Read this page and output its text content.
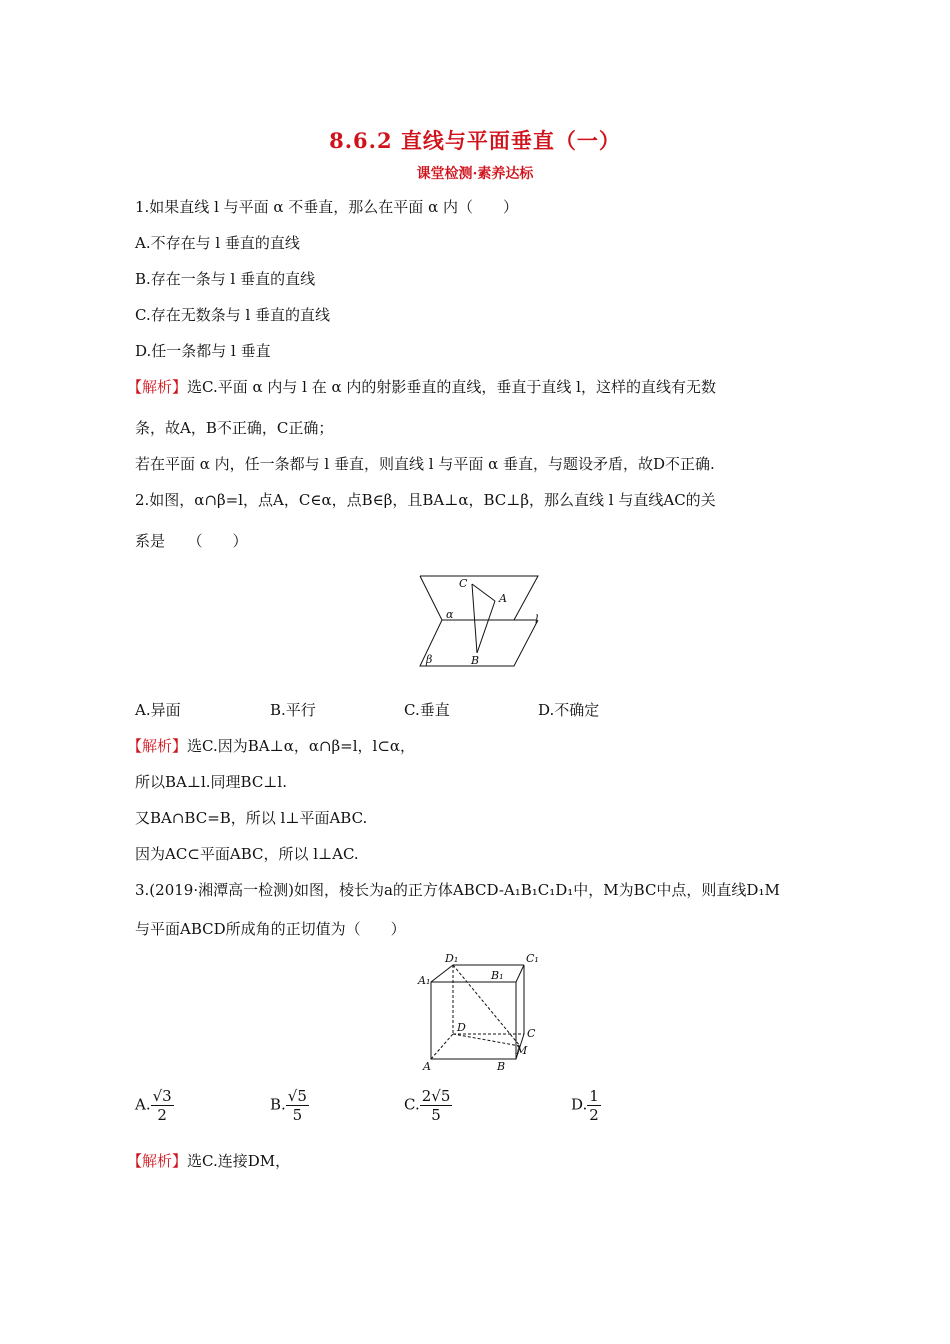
8.6.2 直线与平面垂直（一）
课堂检测·素养达标
1.如果直线 l 与平面 α 不垂直，那么在平面 α 内（　　）
A.不存在与 l 垂直的直线
B.存在一条与 l 垂直的直线
C.存在无数条与 l 垂直的直线
D.任一条都与 l 垂直
【解析】选C.平面 α 内与 l 在 α 内的射影垂直的直线，垂直于直线 l，这样的直线有无数
条，故A，B不正确，C正确；
若在平面 α 内，任一条都与 l 垂直，则直线 l 与平面 α 垂直，与题设矛盾，故D不正确.
2.如图，α∩β=l，点A，C∈α，点B∈β，且BA⊥α，BC⊥β，那么直线 l 与直线AC的关
系是　　（　　）
C
A
α	l
β	B
A.异面	B.平行	C.垂直	D.不确定
【解析】选C.因为BA⊥α，α∩β=l，l⊂α，
所以BA⊥l.同理BC⊥l.
又BA∩BC=B，所以 l⊥平面ABC.
因为AC⊂平面ABC，所以 l⊥AC.
3.(2019·湘潭高一检测)如图，棱长为a的正方体ABCD-A₁B₁C₁D₁中，M为BC中点，则直线D₁M
与平面ABCD所成角的正切值为（　　）
D₁	C₁
A₁	B₁
D	C
M
A	B
A. $\frac{√3}{2}$	B. $\frac{√5}{5}$	C. $\frac{2√5}{5}$	D. $\frac{1}{2}$
【解析】选C.连接DM，
